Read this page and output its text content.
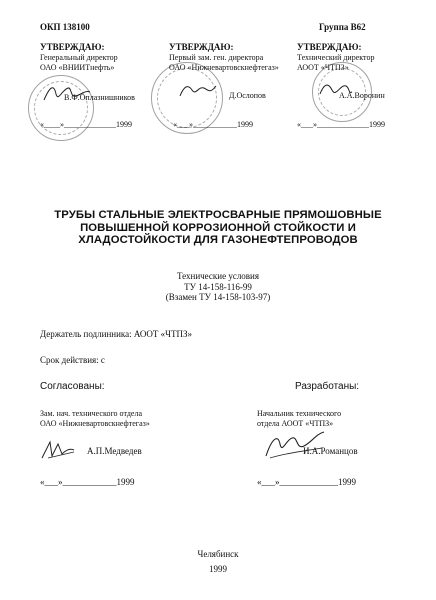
ОКП 138100	Группа В62
УТВЕРЖДАЮ:
Генеральный директор
ОАО «ВНИИТнефть»
В.Ф.Оплазнишников
«____»_____________1999
УТВЕРЖДАЮ:
Первый зам. ген. директора
ОАО «Нижневартовскнефтегаз»
Д.Ослопов
«___»___________1999
УТВЕРЖДАЮ:
Технический директор
АООТ «ЧТПЗ»
А.А.Воронин
«___»_____________1999
ТРУБЫ СТАЛЬНЫЕ ЭЛЕКТРОСВАРНЫЕ ПРЯМОШОВНЫЕ
ПОВЫШЕННОЙ КОРРОЗИОННОЙ СТОЙКОСТИ И
ХЛАДОСТОЙКОСТИ ДЛЯ ГАЗОНЕФТЕПРОВОДОВ
Технические условия
ТУ 14-158-116-99
(Взамен ТУ 14-158-103-97)
Держатель подлинника: АООТ «ЧТПЗ»
Срок действия: с
Согласованы:
Зам. нач. технического отдела
ОАО «Нижневартовскнефтегаз»
А.П.Медведев
«___»____________1999
Разработаны:
Начальник технического
отдела АООТ «ЧТПЗ»
И.А.Романцов
«___»_____________1999
Челябинск
1999
